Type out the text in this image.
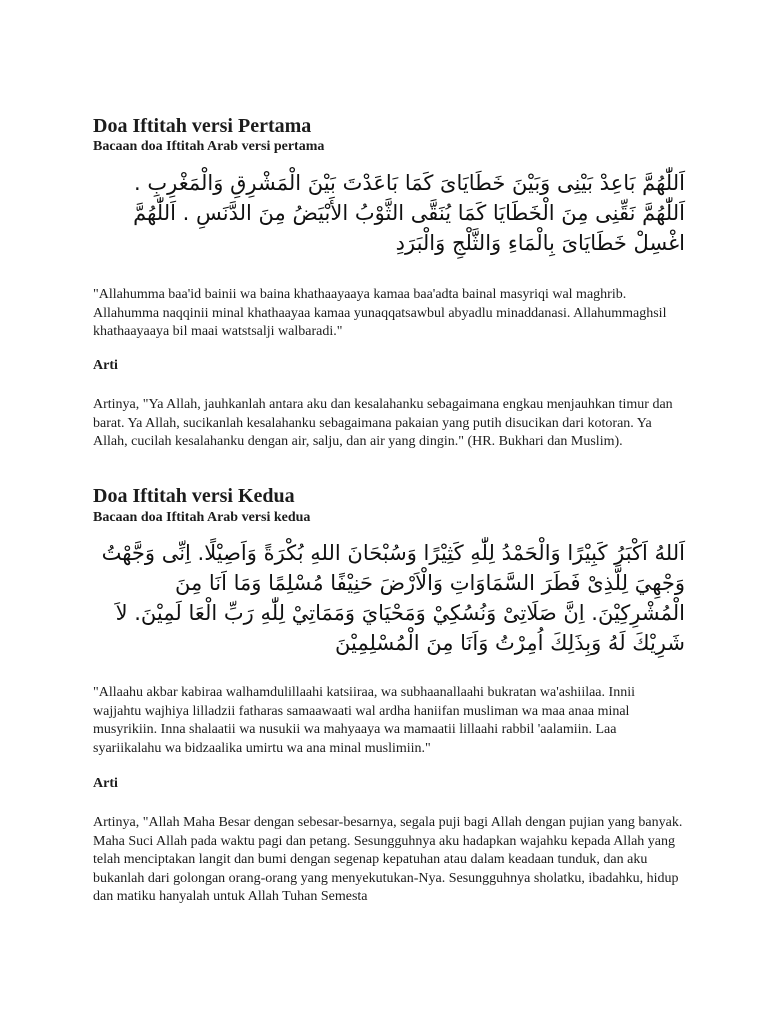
Doa Iftitah versi Pertama
Bacaan doa Iftitah Arab versi pertama
اَللّٰهُمَّ بَاعِدْ بَيْنِى وَبَيْنَ خَطَايَاىَ كَمَا بَاعَدْتَ بَيْنَ الْمَشْرِقِ وَالْمَغْرِبِ . اَللّٰهُمَّ نَقِّنِى مِنَ الْخَطَايَا كَمَا يُنَقَّى الثَّوْبُ الأَبْيَضُ مِنَ الدَّنَسِ . اَللّٰهُمَّ اغْسِلْ خَطَايَاىَ بِالْمَاءِ وَالثَّلْجِ وَالْبَرَدِ

"Allahumma baa'id bainii wa baina khathaayaaya kamaa baa'adta bainal masyriqi wal maghrib. Allahumma naqqinii minal khathaayaa kamaa yunaqqatsawbul abyadlu minaddanasi. Allahummaghsil khathaayaaya bil maai watstsalji walbaradi."

Arti

Artinya, "Ya Allah, jauhkanlah antara aku dan kesalahanku sebagaimana engkau menjauhkan timur dan barat. Ya Allah, sucikanlah kesalahanku sebagaimana pakaian yang putih disucikan dari kotoran. Ya Allah, cucilah kesalahanku dengan air, salju, dan air yang dingin." (HR. Bukhari dan Muslim).

Doa Iftitah versi Kedua
Bacaan doa Iftitah Arab versi kedua
اَللهُ اَكْبَرُ كَبِيْرًا وَالْحَمْدُ لِلّٰهِ كَثِيْرًا وَسُبْحَانَ اللهِ بُكْرَةً وَاَصِيْلًا. اِنِّى وَجَّهْتُ وَجْهِيَ لِلَّذِىْ فَطَرَ السَّمَاوَاتِ وَالْاَرْضَ حَنِيْفًا مُسْلِمًا وَمَا اَنَا مِنَ الْمُشْرِكِيْنَ. اِنَّ صَلَاتِىْ وَنُسُكِيْ وَمَحْيَايَ وَمَمَاتِيْ لِلّٰهِ رَبِّ الْعَا لَمِيْنَ. لاَ شَرِيْكَ لَهُ وَبِذَلِكَ اُمِرْتُ وَاَنَا مِنَ الْمُسْلِمِيْنَ

"Allaahu akbar kabiraa walhamdulillaahi katsiiraa, wa subhaanallaahi bukratan wa'ashiilaa. Innii wajjahtu wajhiya lilladzii fatharas samaawaati wal ardha haniifan musliman wa maa anaa minal musyrikiin. Inna shalaatii wa nusukii wa mahyaaya wa mamaatii lillaahi rabbil 'aalamiin. Laa syariikalahu wa bidzaalika umirtu wa ana minal muslimiin."

Arti

Artinya, "Allah Maha Besar dengan sebesar-besarnya, segala puji bagi Allah dengan pujian yang banyak. Maha Suci Allah pada waktu pagi dan petang. Sesungguhnya aku hadapkan wajahku kepada Allah yang telah menciptakan langit dan bumi dengan segenap kepatuhan atau dalam keadaan tunduk, dan aku bukanlah dari golongan orang-orang yang menyekutukan-Nya. Sesungguhnya sholatku, ibadahku, hidup dan matiku hanyalah untuk Allah Tuhan Semesta
